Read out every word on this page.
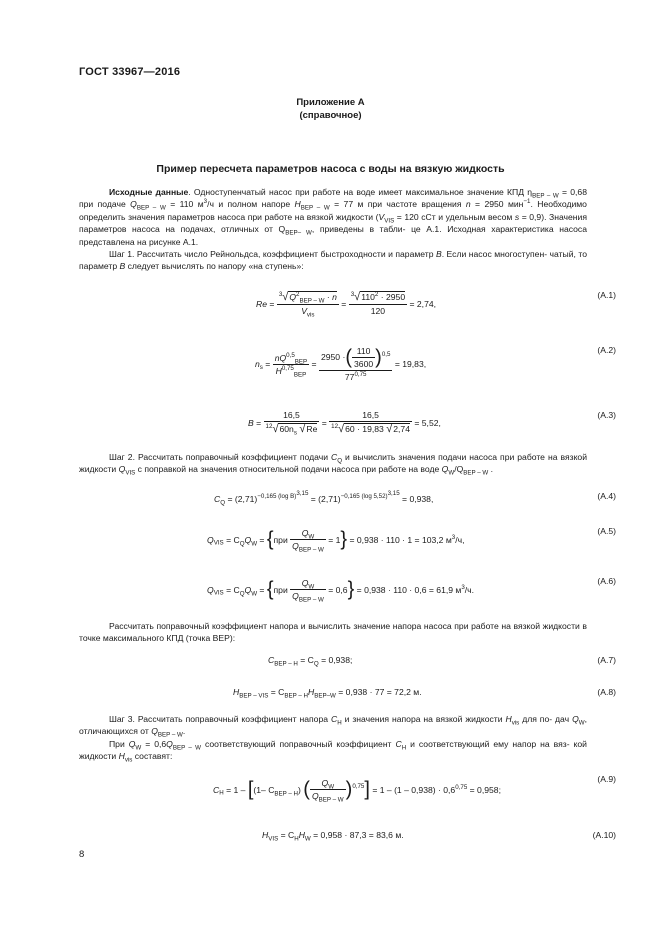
ГОСТ 33967—2016
Приложение А
(справочное)
Пример пересчета параметров насоса с воды на вязкую жидкость
Исходные данные. Одноступенчатый насос при работе на воде имеет максимальное значение КПД $\eta_{BEP - W} = 0,68$ при подаче $Q_{BEP - W} = 110$ $м^3/ч$ и полном напоре $H_{BEP - W} = 77$ м при частоте вращения n = 2950 мин$^{-1}$. Необходимо определить значения параметров насоса при работе на вязкой жидкости ($V_{VIS} = 120$ сСт и удельным весом s = 0,9). Значения параметров насоса на подачах, отличных от $Q_{BEP- W}$, приведены в табли- це А.1. Исходная характеристика насоса представлена на рисунке А.1.
Шаг 1. Рассчитать число Рейнольдса, коэффициент быстроходности и параметр B. Если насос многоступен- чатый, то параметр B следует вычислять по напору «на ступень»:
$Re = \frac{^3√Q^2_{BEP - W} \cdot n}{V_{vis}} = \frac{^3√110^2 \cdot 2950}{120} = 2,74$,
(A.1)
$n_s = \frac{nQ^{0,5}_{BEP}}{H^{0,75}_{BEP}} = \frac{2950 \cdot( \frac{110}{3600} )^{0,5}}{77^{0,75}} = 19,83$,
(A.2)
$B = \frac{16,5}{^{12}√60n_s √Re} = \frac{16,5}{^{12}√60 \cdot 19,83 √2,74} = 5,52$,
(A.3)
Шаг 2. Рассчитать поправочный коэффициент подачи $C_Q$ и вычислить значения подачи насоса при работе на вязкой жидкости $Q_{VIS}$ с поправкой на значения относительной подачи насоса при работе на воде $Q_W/Q_{BEP - W}$ .
$C_Q = (2,71)^{-0,165 (log B)^{3,15}} = (2,71)^{-0,165 (log 5,52)^{3,15}} = 0,938$,	(A.4)
$Q_{VIS} = C_QQ_W = \{при \frac{Q_W}{Q_{BEP - W}} = 1\} = 0,938 \cdot 110 \cdot 1 = 103,2$ $м^3/ч$,
(A.5)
$Q_{VIS} = C_QQ_W = \{при \frac{Q_W}{Q_{BEP - W}} = 0,6\} = 0,938 \cdot 110 \cdot 0,6 = 61,9$ $м^3/ч$.
(A.6)
Рассчитать поправочный коэффициент напора и вычислить значение напора насоса при работе на вязкой жидкости в точке максимального КПД (точка BEP):
$C_{BEP - H} = C_Q = 0,938$;	(A.7)
$H_{BEP - VIS} = C_{BEP - H}H_{BEP-W} = 0,938 \cdot 77 = 72,2$ м.	(A.8)
Шаг 3. Рассчитать поправочный коэффициент напора $C_H$ и значения напора на вязкой жидкости $H_{vis}$ для по- дач $Q_W$, отличающихся от $Q_{BEP - W}$.
При $Q_W = 0,6Q_{BEP - W}$ соответствующий поправочный коэффициент $C_H$ и соответствующий ему напор на вяз- кой жидкости $H_{vis}$ составят:
$C_H = 1 - [(1-$ $C_{BEP - H}$) ( $\frac{Q_W}{Q_{BEP - W}} )^{0,75}] = 1 - (1 - 0,938) \cdot 0,6^{0,75} = 0,958$;
(A.9)
$H_{VIS} = C_HH_W = 0,958 \cdot 87,3 = 83,6$ м.	(A.10)
8
